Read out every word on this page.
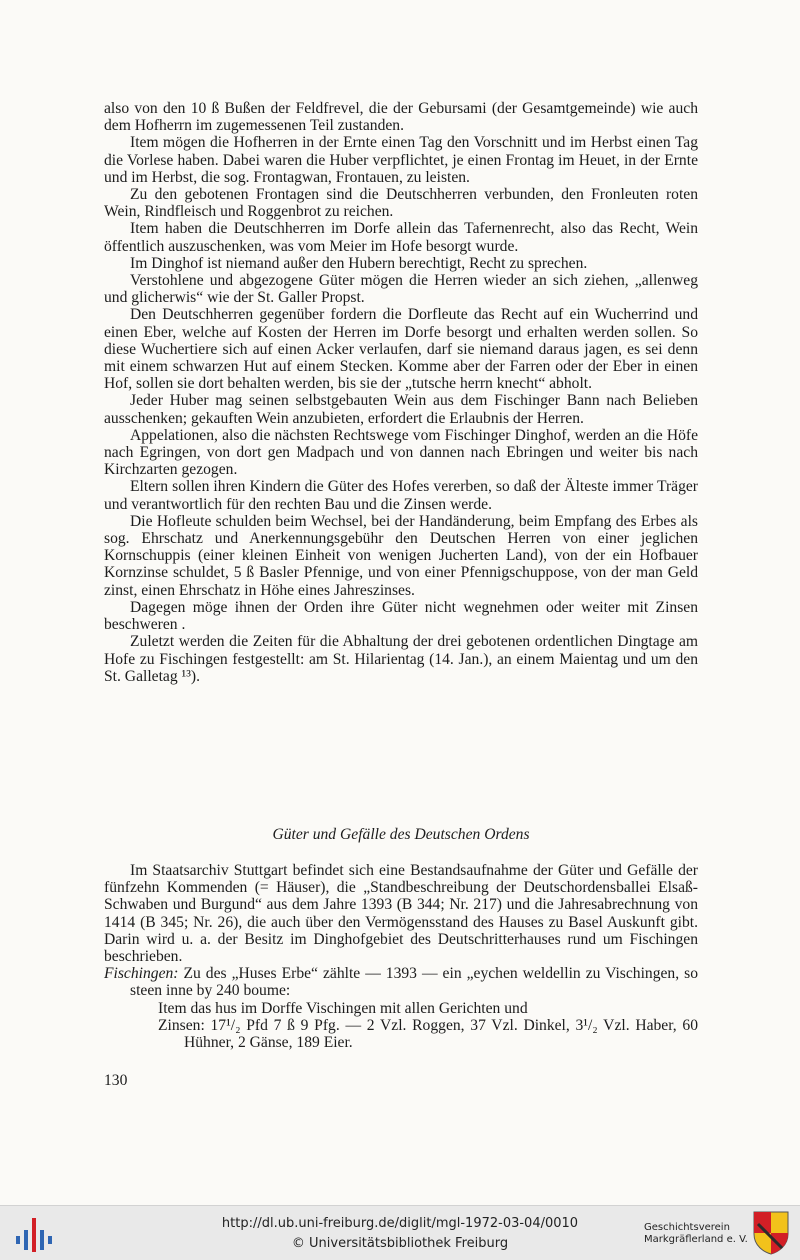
also von den 10 ß Bußen der Feldfrevel, die der Gebursami (der Gesamtgemeinde) wie auch dem Hofherrn im zugemessenen Teil zustanden.

Item mögen die Hofherren in der Ernte einen Tag den Vorschnitt und im Herbst einen Tag die Vorlese haben. Dabei waren die Huber verpflichtet, je einen Frontag im Heuet, in der Ernte und im Herbst, die sog. Frontagwan, Frontauen, zu leisten.

Zu den gebotenen Frontagen sind die Deutschherren verbunden, den Fronleuten roten Wein, Rindfleisch und Roggenbrot zu reichen.

Item haben die Deutschherren im Dorfe allein das Tafernenrecht, also das Recht, Wein öffentlich auszuschenken, was vom Meier im Hofe besorgt wurde.

Im Dinghof ist niemand außer den Hubern berechtigt, Recht zu sprechen.

Verstohlene und abgezogene Güter mögen die Herren wieder an sich ziehen, „allenweg und glicherwis“ wie der St. Galler Propst.

Den Deutschherren gegenüber fordern die Dorfleute das Recht auf ein Wucherrind und einen Eber, welche auf Kosten der Herren im Dorfe besorgt und erhalten werden sollen. So diese Wuchertiere sich auf einen Acker verlaufen, darf sie niemand daraus jagen, es sei denn mit einem schwarzen Hut auf einem Stecken. Komme aber der Farren oder der Eber in einen Hof, sollen sie dort behalten werden, bis sie der „tutsche herrn knecht“ abholt.

Jeder Huber mag seinen selbstgebauten Wein aus dem Fischinger Bann nach Belieben ausschenken; gekauften Wein anzubieten, erfordert die Erlaubnis der Herren.

Appelationen, also die nächsten Rechtswege vom Fischinger Dinghof, werden an die Höfe nach Egringen, von dort gen Madpach und von dannen nach Ebringen und weiter bis nach Kirchzarten gezogen.

Eltern sollen ihren Kindern die Güter des Hofes vererben, so daß der Älteste immer Träger und verantwortlich für den rechten Bau und die Zinsen werde.

Die Hofleute schulden beim Wechsel, bei der Handänderung, beim Empfang des Erbes als sog. Ehrschatz und Anerkennungsgebühr den Deutschen Herren von einer jeglichen Kornschuppis (einer kleinen Einheit von wenigen Jucherten Land), von der ein Hofbauer Kornzinse schuldet, 5 ß Basler Pfennige, und von einer Pfennigschuppose, von der man Geld zinst, einen Ehrschatz in Höhe eines Jahreszinses.

Dagegen möge ihnen der Orden ihre Güter nicht wegnehmen oder weiter mit Zinsen beschweren .

Zuletzt werden die Zeiten für die Abhaltung der drei gebotenen ordentlichen Dingtage am Hofe zu Fischingen festgestellt: am St. Hilarientag (14. Jan.), an einem Maientag und um den St. Galletag ¹³).

Güter und Gefälle des Deutschen Ordens

Im Staatsarchiv Stuttgart befindet sich eine Bestandsaufnahme der Güter und Gefälle der fünfzehn Kommenden (= Häuser), die „Standbeschreibung der Deutschordensballei Elsaß-Schwaben und Burgund“ aus dem Jahre 1393 (B 344; Nr. 217) und die Jahresabrechnung von 1414 (B 345; Nr. 26), die auch über den Vermögensstand des Hauses zu Basel Auskunft gibt. Darin wird u. a. der Besitz im Dinghofgebiet des Deutschritterhauses rund um Fischingen beschrieben.

Fischingen: Zu des „Huses Erbe“ zählte — 1393 — ein „eychen weldellin zu Vischingen, so steen inne by 240 boume:

Item das hus im Dorffe Vischingen mit allen Gerichten und

Zinsen: 17¹/₂ Pfd 7 ß 9 Pfg. — 2 Vzl. Roggen, 37 Vzl. Dinkel, 3¹/₂ Vzl. Haber, 60 Hühner, 2 Gänse, 189 Eier.

130
http://dl.ub.uni-freiburg.de/diglit/mgl-1972-03-04/0010
© Universitätsbibliothek Freiburg
Geschichtsverein
Markgräflerland e. V.
